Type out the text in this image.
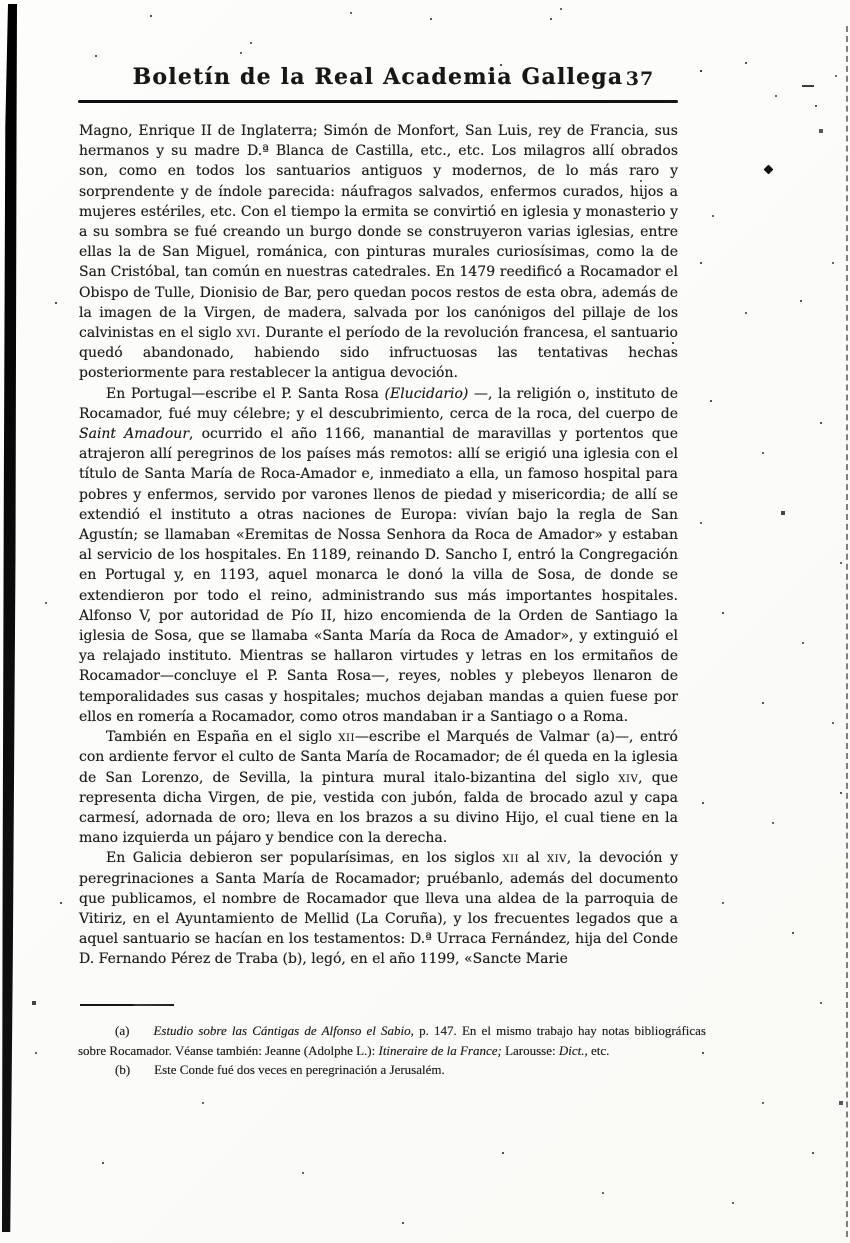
Boletín de la Real Academia Gallega 37

Magno, Enrique II de Inglaterra; Simón de Monfort, San Luis, rey de Francia, sus hermanos y su madre D.ª Blanca de Castilla, etc., etc. Los milagros allí obrados son, como en todos los santuarios antiguos y modernos, de lo más raro y sorprendente y de índole parecida: náufragos salvados, enfermos curados, hijos a mujeres estériles, etc. Con el tiempo la ermita se convirtió en iglesia y monasterio y a su sombra se fué creando un burgo donde se construyeron varias iglesias, entre ellas la de San Miguel, románica, con pinturas murales curiosísimas, como la de San Cristóbal, tan común en nuestras catedrales. En 1479 reedificó a Rocamador el Obispo de Tulle, Dionisio de Bar, pero quedan pocos restos de esta obra, además de la imagen de la Virgen, de madera, salvada por los canónigos del pillaje de los calvinistas en el siglo xvi. Durante el período de la revolución francesa, el santuario quedó abandonado, habiendo sido infructuosas las tentativas hechas posteriormente para restablecer la antigua devoción.

En Portugal—escribe el P. Santa Rosa (Elucidario) —, la religión o, instituto de Rocamador, fué muy célebre; y el descubrimiento, cerca de la roca, del cuerpo de Saint Amadour, ocurrido el año 1166, manantial de maravillas y portentos que atrajeron allí peregrinos de los países más remotos: allí se erigió una iglesia con el título de Santa María de Roca-Amador e, inmediato a ella, un famoso hospital para pobres y enfermos, servido por varones llenos de piedad y misericordia; de allí se extendió el instituto a otras naciones de Europa: vivían bajo la regla de San Agustín; se llamaban «Eremitas de Nossa Senhora da Roca de Amador» y estaban al servicio de los hospitales. En 1189, reinando D. Sancho I, entró la Congregación en Portugal y, en 1193, aquel monarca le donó la villa de Sosa, de donde se extendieron por todo el reino, administrando sus más importantes hospitales. Alfonso V, por autoridad de Pío II, hizo encomienda de la Orden de Santiago la iglesia de Sosa, que se llamaba «Santa María da Roca de Amador», y extinguió el ya relajado instituto. Mientras se hallaron virtudes y letras en los ermitaños de Rocamador—concluye el P. Santa Rosa—, reyes, nobles y plebeyos llenaron de temporalidades sus casas y hospitales; muchos dejaban mandas a quien fuese por ellos en romería a Rocamador, como otros mandaban ir a Santiago o a Roma.

También en España en el siglo xii—escribe el Marqués de Valmar (a)—, entró con ardiente fervor el culto de Santa María de Rocamador; de él queda en la iglesia de San Lorenzo, de Sevilla, la pintura mural italo-bizantina del siglo xiv, que representa dicha Virgen, de pie, vestida con jubón, falda de brocado azul y capa carmesí, adornada de oro; lleva en los brazos a su divino Hijo, el cual tiene en la mano izquierda un pájaro y bendice con la derecha.

En Galicia debieron ser popularísimas, en los siglos xii al xiv, la devoción y peregrinaciones a Santa María de Rocamador; pruébanlo, además del documento que publicamos, el nombre de Rocamador que lleva una aldea de la parroquia de Vitiriz, en el Ayuntamiento de Mellid (La Coruña), y los frecuentes legados que a aquel santuario se hacían en los testamentos: D.ª Urraca Fernández, hija del Conde D. Fernando Pérez de Traba (b), legó, en el año 1199, «Sancte Marie

(a) Estudio sobre las Cántigas de Alfonso el Sabio, p. 147. En el mismo trabajo hay notas bibliográficas sobre Rocamador. Véanse también: Jeanne (Adolphe L.): Itineraire de la France; Larousse: Dict., etc.

(b) Este Conde fué dos veces en peregrinación a Jerusalém.
